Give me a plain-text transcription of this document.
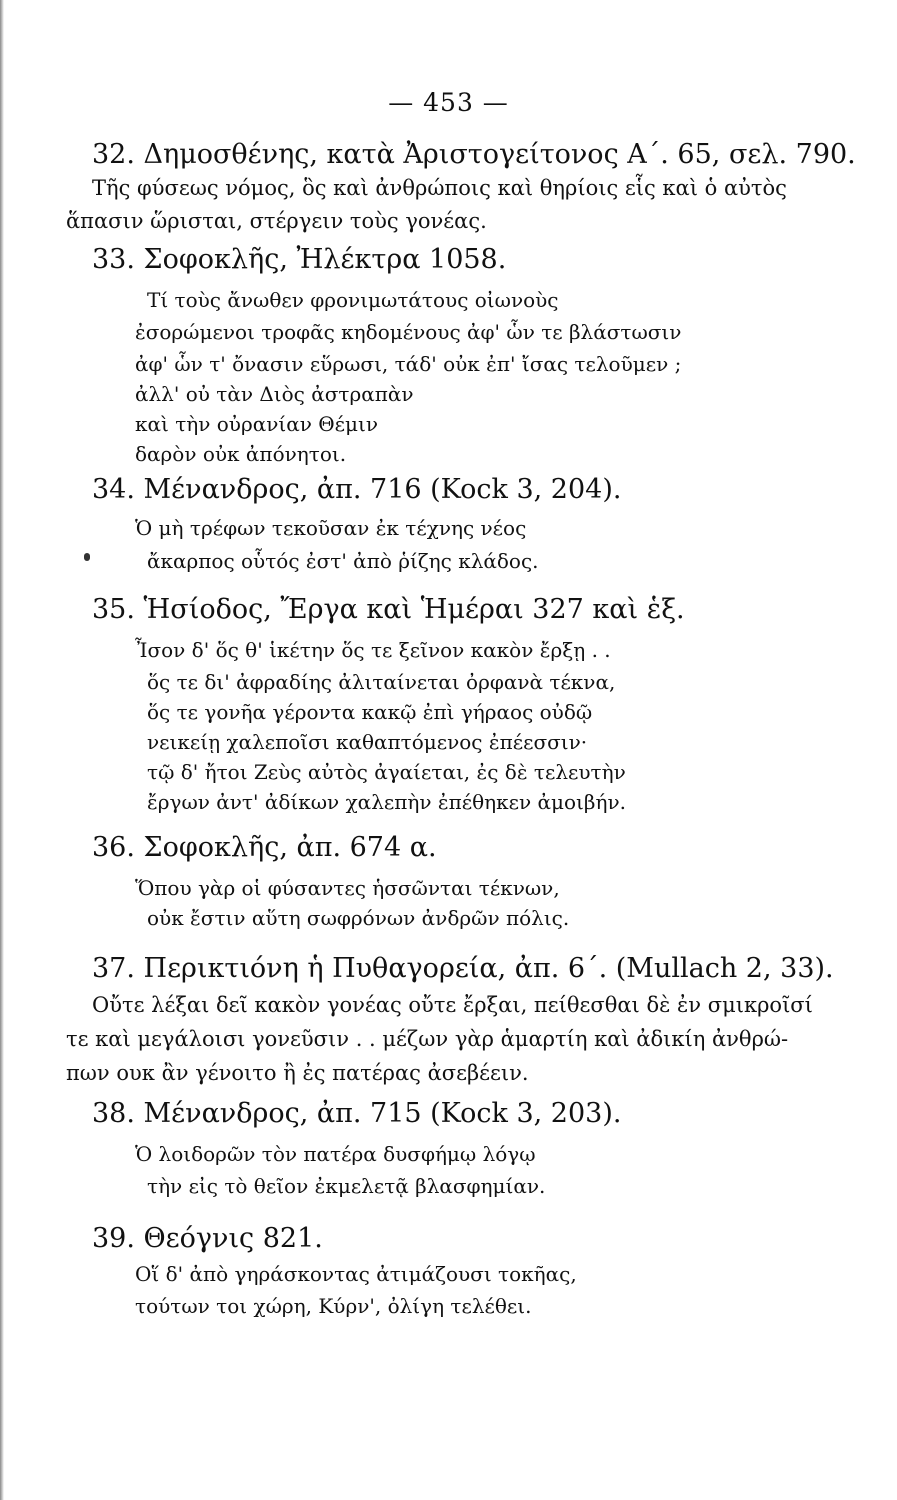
— 453 —
32. Δημοσθένης, κατὰ Ἀριστογείτονος Α΄. 65, σελ. 790.
Τῆς φύσεως νόμος, ὃς καὶ ἀνθρώποις καὶ θηρίοις εἷς καὶ ὁ αὐτὸς
ἅπασιν ὥρισται, στέργειν τοὺς γονέας.
33. Σοφοκλῆς, Ἠλέκτρα 1058.
Τί τοὺς ἄνωθεν φρονιμωτάτους οἰωνοὺς
ἐσορώμενοι τροφᾶς κηδομένους ἀφ' ὧν τε βλάστωσιν
ἀφ' ὧν τ' ὄνασιν εὕρωσι, τάδ' οὐκ ἐπ' ἴσας τελοῦμεν ;
ἀλλ' οὐ τὰν Διὸς ἀστραπὰν
καὶ τὴν οὐρανίαν Θέμιν
δαρὸν οὐκ ἀπόνητοι.
34. Μένανδρος, ἀπ. 716 (Kock 3, 204).
Ὁ μὴ τρέφων τεκοῦσαν ἐκ τέχνης νέος
ἄκαρπος οὗτός ἐστ' ἀπὸ ῥίζης κλάδος.
35. Ἡσίοδος, Ἔργα καὶ Ἡμέραι 327 καὶ ἑξ.
Ἶσον δ' ὅς θ' ἱκέτην ὅς τε ξεῖνον κακὸν ἔρξῃ . .
ὅς τε δι' ἀφραδίης ἀλιταίνεται ὀρφανὰ τέκνα,
ὅς τε γονῆα γέροντα κακῷ ἐπὶ γήραος οὐδῷ
νεικείῃ χαλεποῖσι καθαπτόμενος ἐπέεσσιν·
τῷ δ' ἤτοι Ζεὺς αὐτὸς ἀγαίεται, ἐς δὲ τελευτὴν
ἔργων ἀντ' ἀδίκων χαλεπὴν ἐπέθηκεν ἀμοιβήν.
36. Σοφοκλῆς, ἀπ. 674 α.
Ὅπου γὰρ οἱ φύσαντες ἡσσῶνται τέκνων,
οὐκ ἔστιν αὕτη σωφρόνων ἀνδρῶν πόλις.
37. Περικτιόνη ἡ Πυθαγορεία, ἀπ. 6΄. (Mullach 2, 33).
Οὔτε λέξαι δεῖ κακὸν γονέας οὔτε ἔρξαι, πείθεσθαι δὲ ἐν σμικροῖσί
τε καὶ μεγάλοισι γονεῦσιν . . μέζων γὰρ ἁμαρτίη καὶ ἀδικίη ἀνθρώ-
πων ουκ ἂν γένοιτο ἢ ἐς πατέρας ἀσεβέειν.
38. Μένανδρος, ἀπ. 715 (Kock 3, 203).
Ὁ λοιδορῶν τὸν πατέρα δυσφήμῳ λόγῳ
τὴν εἰς τὸ θεῖον ἐκμελετᾷ βλασφημίαν.
39. Θεόγνις 821.
Οἵ δ' ἀπὸ γηράσκοντας ἀτιμάζουσι τοκῆας,
τούτων τοι χώρη, Κύρν', ὀλίγη τελέθει.
